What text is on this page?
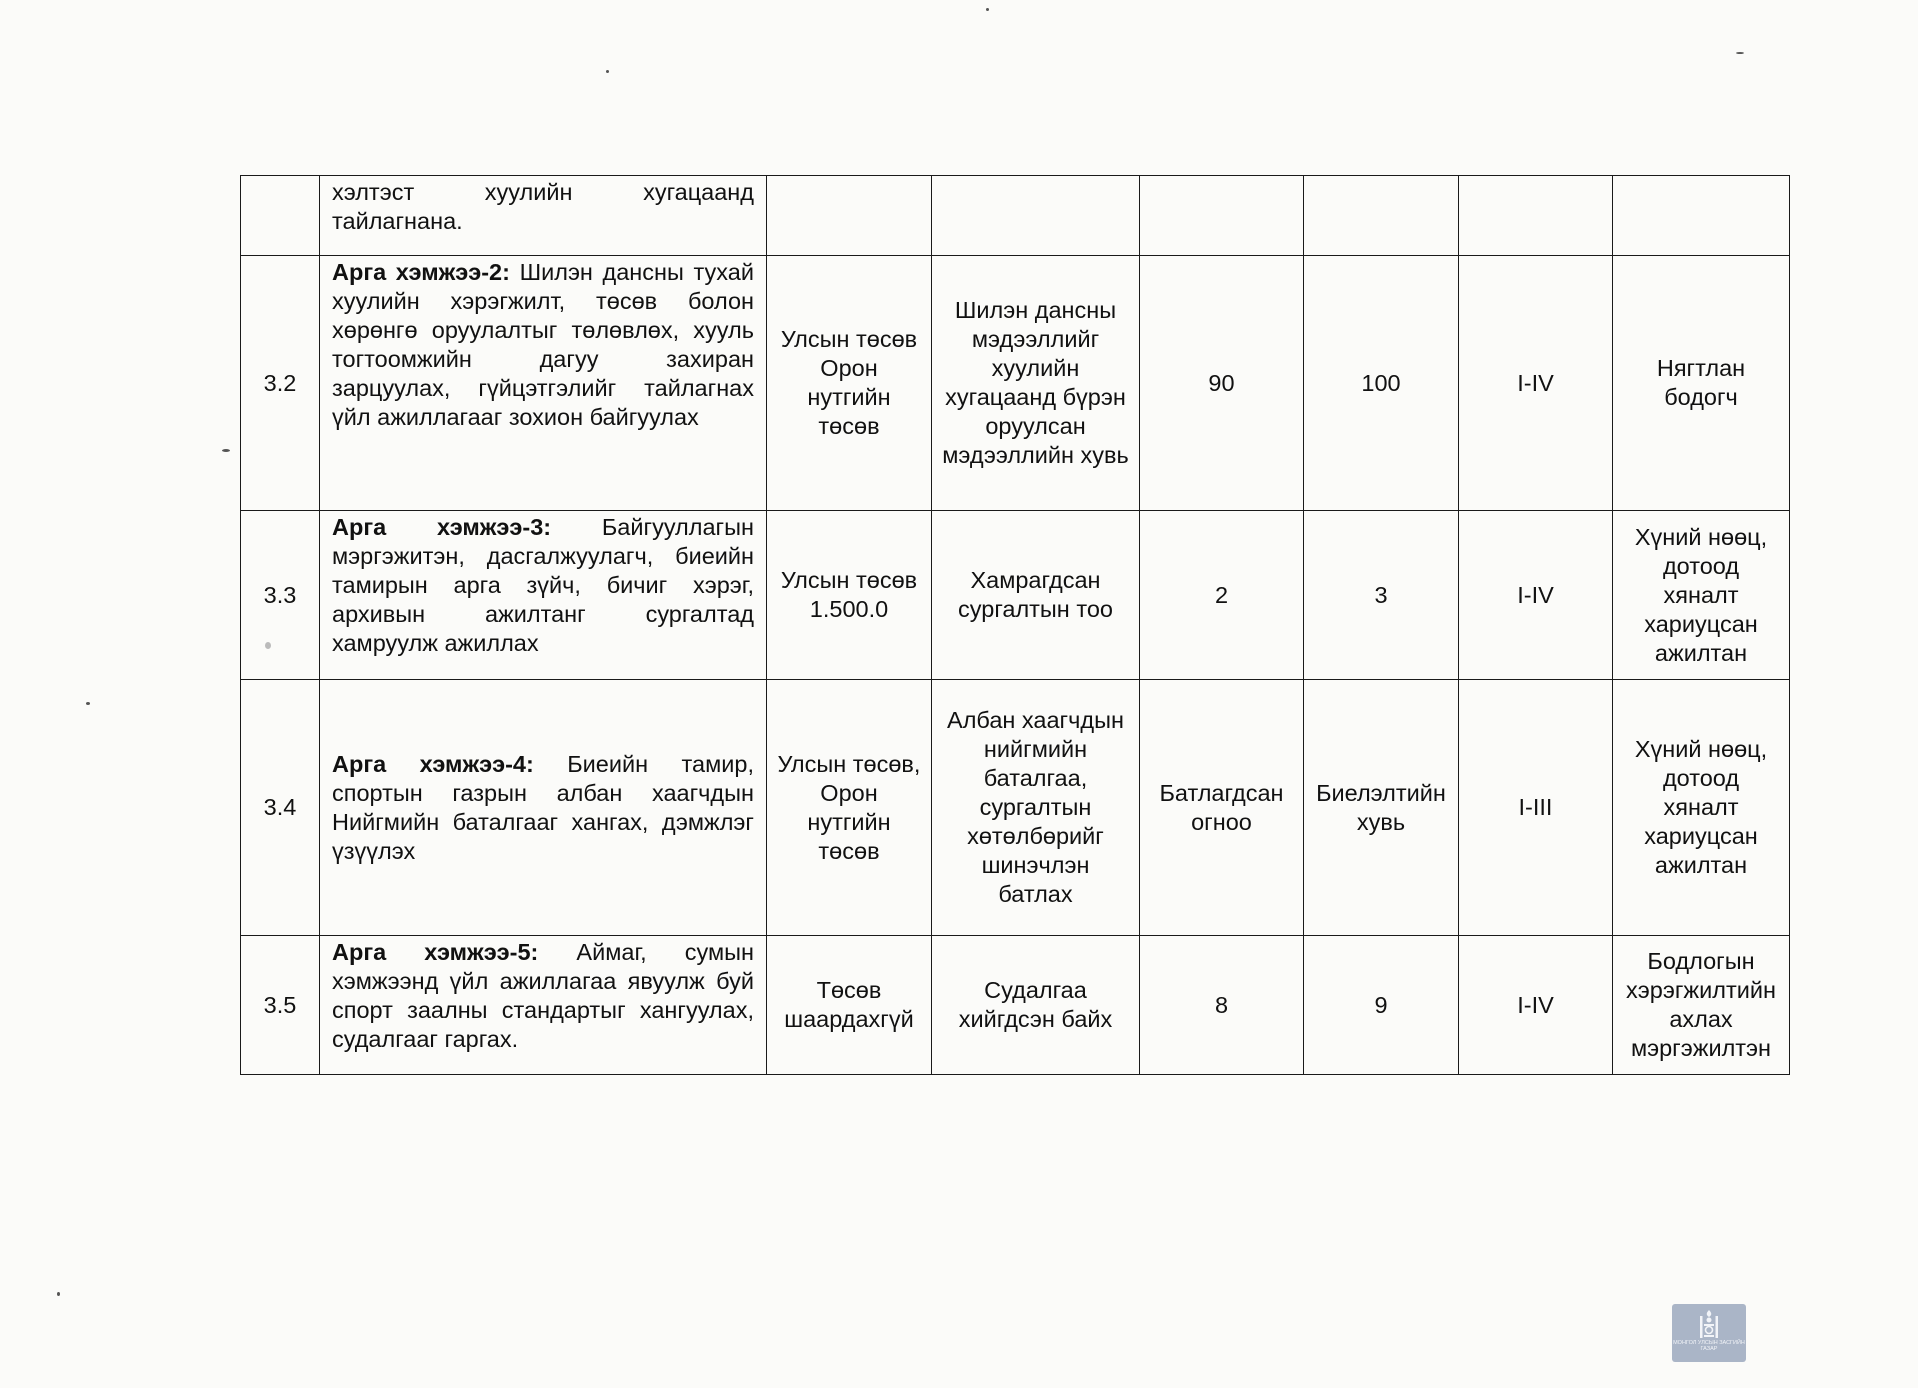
	хэлтэст хуулийн хугацаанд тайлагнана.						
3.2	Арга хэмжээ-2: Шилэн дансны тухай хуулийн хэрэгжилт, төсөв болон хөрөнгө оруулалтыг төлөвлөх, хууль тогтоомжийн дагуу захиран зарцуулах, гүйцэтгэлийг тайлагнах үйл ажиллагааг зохион байгуулах	Улсын төсөв Орон нутгийн төсөв	Шилэн дансны мэдээллийг хуулийн хугацаанд бүрэн оруулсан мэдээллийн хувь	90	100	I-IV	Нягтлан бодогч
3.3	Арга хэмжээ-3: Байгууллагын мэргэжитэн, дасгалжуулагч, биеийн тамирын арга зүйч, бичиг хэрэг, архивын ажилтанг сургалтад хамруулж ажиллах	Улсын төсөв 1.500.0	Хамрагдсан сургалтын тоо	2	3	I-IV	Хүний нөөц, дотоод хяналт хариуцсан ажилтан
3.4	Арга хэмжээ-4: Биеийн тамир, спортын газрын албан хаагчдын Нийгмийн баталгааг хангах, дэмжлэг үзүүлэх	Улсын төсөв, Орон нутгийн төсөв	Албан хаагчдын нийгмийн баталгаа, сургалтын хөтөлбөрийг шинэчлэн батлах	Батлагдсан огноо	Биелэлтийн хувь	I-III	Хүний нөөц, дотоод хяналт хариуцсан ажилтан
3.5	Арга хэмжээ-5: Аймаг, сумын хэмжээнд үйл ажиллагаа явуулж буй спорт заалны стандартыг хангуулах, судалгааг гаргах.	Төсөв шаардахгүй	Судалгаа хийгдсэн байх	8	9	I-IV	Бодлогын хэрэгжилтийн ахлах мэргэжилтэн
МОНГОЛ УЛСЫН ЗАСГИЙН ГАЗАР
